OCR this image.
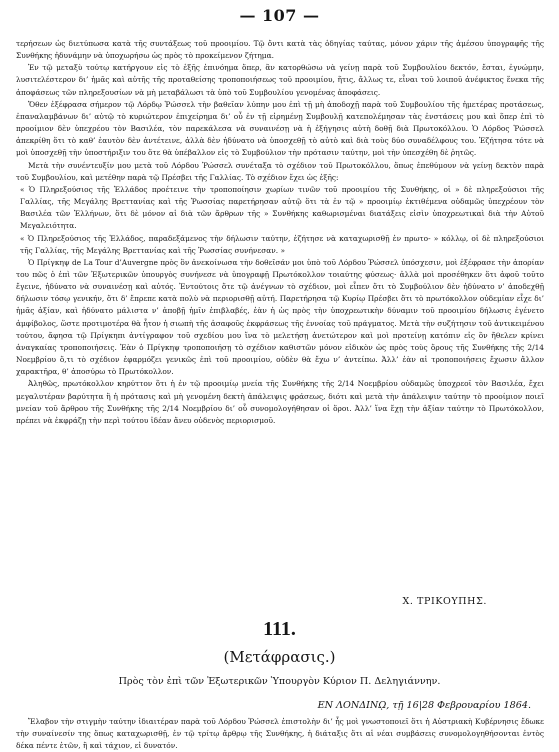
— 107 —

τερήσεων ὡς διετύπωσα κατὰ τῆς συντάξεως τοῦ προοιμίου. Τῷ ὄντι κατὰ τὰς ὁδηγίας ταύτας, μόνον χάριν τῆς ἀμέσου ὑπογραφῆς τῆς Συνθήκης ἠδυνάμην νὰ ὑποχωρήσω ὡς πρὸς τὸ προκείμενον ζήτημα.

Ἐν τῷ μεταξὺ τούτῳ κατήργουν εἰς τὸ ἑξῆς ἐπινόημα ὅπερ, ἂν κατορθώσω νὰ γείνῃ παρὰ τοῦ Συμβουλίου δεκτόν, ἔσται, ἐγνώμην, λυσιτελέστερον δι’ ἡμᾶς καὶ αὐτῆς τῆς προταθείσης τροποποιήσεως τοῦ προοιμίου, ἥτις, ἄλλως τε, εἶναι τοῦ λοιποῦ ἀνέφικτος ἕνεκα τῆς ἀποφάσεως τῶν πληρεξουσίων νὰ μὴ μεταβάλωσι τὰ ὑπὸ τοῦ Συμβουλίου γενομένας ἀποφάσεις.

Ὅθεν ἐξέφρασα σήμερον τῷ Λόρδῳ Ῥώσσελ τὴν βαθεῖαν λύπην μου ἐπὶ τῇ μὴ ἀποδοχῇ παρὰ τοῦ Συμβουλίου τῆς ἡμετέρας προτάσεως, ἐπαναλαμβάνων δι’ αὐτῷ τὸ κυριώτερον ἐπιχείρημα δι’ οὗ ἐν τῇ εἰρημένῃ Συμβουλῇ κατεπολέμησαν τὰς ἐνστάσεις μου καὶ ὅπερ ἐπὶ τὸ προοίμιον δὲν ὑπεχρέου τὸν Βασιλέα, τὸν παρεκάλεσα νὰ συναινέσῃ νὰ ἡ ἐξήγησις αὐτὴ δοθῇ διὰ Πρωτοκόλλου. Ὁ Λόρδος Ῥώσσελ ἀπεκρίθη ὅτι τὸ καθ’ ἑαυτὸν δὲν ἀντέτεινε, ἀλλὰ δὲν ἠδύνατο νὰ ὑποσχεθῇ τὸ αὐτὸ καὶ διὰ τοὺς δύο συναδέλφους του. Ἐζήτησα τότε νὰ μοὶ ὑποσχεθῇ τὴν ὑποστήριξιν του ὅτε θὰ ὑπέβαλλον εἰς τὸ Συμβούλιον τὴν πρότασιν ταύτην, μοὶ τὴν ὑπεσχέθη δὲ ῥητῶς.

Μετὰ τὴν συνέντευξίν μου μετὰ τοῦ Λόρδου Ῥώσσελ συνέταξα τὸ σχέδιον τοῦ Πρωτοκόλλου, ὅπως ἐπεθύμουν νὰ γείνῃ δεκτὸν παρὰ τοῦ Συμβουλίου, καὶ μετέθην παρὰ τῷ Πρέσβει τῆς Γαλλίας. Τὸ σχέδιον ἔχει ὡς ἑξῆς:

« Ὁ Πληρεξούσιος τῆς Ἑλλάδος προέτεινε τὴν τροποποίησιν χωρίων τινῶν τοῦ προοιμίου τῆς Συνθήκης, οἱ » δὲ πληρεξούσιοι τῆς Γαλλίας, τῆς Μεγάλης Βρεττανίας καὶ τῆς Ῥωσσίας παρετήρησαν αὐτῷ ὅτι τὰ ἐν τῷ » προοιμίῳ ἐκτιθέμενα οὐδαμῶς ὑπεχρέουν τὸν Βασιλέα τῶν Ἑλλήνων, ὅτι δὲ μόνον αἱ διὰ τῶν ἄρθρων τῆς » Συνθήκης καθωρισμέναι διατάξεις εἰσὶν ὑποχρεωτικαὶ διὰ τὴν Αὐτοῦ Μεγαλειότητα.

« Ὁ Πληρεξούσιος τῆς Ἑλλάδος, παραδεξάμενος τὴν δήλωσιν ταύτην, ἐζήτησε νὰ καταχωρισθῇ ἐν πρωτο- » κόλλῳ, οἱ δὲ πληρεξούσιοι τῆς Γαλλίας, τῆς Μεγάλης Βρεττανίας καὶ τῆς Ῥωσσίας συνήνεσαν. »

Ὁ Πρίγκηψ de La Tour d’Auvergne πρὸς ὃν ἀνεκοίνωσα τὴν δοθεῖσάν μοι ὑπὸ τοῦ Λόρδου Ῥώσσελ ὑπόσχεσιν, μοὶ ἐξέφρασε τὴν ἀπορίαν του πῶς ὁ ἐπὶ τῶν Ἐξωτερικῶν ὑπουργὸς συνήνεσε νὰ ὑπογραφῇ Πρωτόκολλον τοιαύτης φύσεως· ἀλλὰ μοὶ προσέθηκεν ὅτι ἀφοῦ τοῦτο ἔγεινε, ἠδύνατο νὰ συναινέσῃ καὶ αὐτός. Ἐντούτοις ὅτε τῷ ἀνέγνων τὸ σχέδιον, μοὶ εἶπεν ὅτι τὸ Συμβούλιον δὲν ἠδύνατο ν’ ἀποδεχθῇ δήλωσιν τόσῳ γενικήν, ὅτι δ’ ἔπρεπε κατὰ πολὺ νὰ περιορισθῇ αὐτή. Παρετήρησα τῷ Κυρίῳ Πρέσβει ὅτι τὸ πρωτόκολλον οὐδεμίαν εἶχε δι’ ἡμᾶς ἀξίαν, καὶ ἠδύνατο μάλιστα ν’ ἀποβῇ ἡμῖν ἐπιβλαβές, ἐὰν ἡ ὡς πρὸς τὴν ὑποχρεωτικὴν δύναμιν τοῦ προοιμίου δήλωσις ἐγένετο ἀμφίβολος, ὥστε προτιμοτέρα θὰ ἦτον ἡ σιωπὴ τῆς ἀσαφοῦς ἐκφράσεως τῆς ἐννοίας τοῦ πράγματος. Μετὰ τὴν συζήτησιν τοῦ ἀντικειμένου τούτου, ἄφησα τῷ Πρίγκηπι ἀντίγραφον τοῦ σχεδίου μου ἵνα τὸ μελετήσῃ ἀνετώτερον καὶ μοὶ προτείνῃ κατόπιν εἰς ὃν ἤθελεν κρίνει ἀναγκαίας τροποποιήσεις. Ἐὰν ὁ Πρίγκηψ τροποποιήσῃ τὸ σχέδιον καθιστῶν μόνον εἰδικὸν ὡς πρὸς τοὺς ὅρους τῆς Συνθήκης τῆς 2/14 Νοεμβρίου ὅ,τι τὸ σχέδιον ἐφαρμόζει γενικῶς ἐπὶ τοῦ προοιμίου, οὐδὲν θὰ ἔχω ν’ ἀντείπω. Ἀλλ’ ἐὰν αἱ τροποποιήσεις ἔχωσιν ἄλλον χαρακτῆρα, θ’ ἀποσύρω τὸ Πρωτόκολλον.

Ἀληθῶς, πρωτόκολλον κηρύττον ὅτι ἡ ἐν τῷ προοιμίῳ μνεία τῆς Συνθήκης τῆς 2/14 Νοεμβρίου οὐδαμῶς ὑποχρεοῖ τὸν Βασιλέα, ἔχει μεγαλυτέραν βαρύτητα ἢ ἡ πρότασις καὶ μὴ γενομένη δεκτὴ ἀπάλειψις φράσεως, διότι καὶ μετὰ τὴν ἀπάλειψιν ταύτην τὸ προοίμιον ποιεῖ μνείαν τοῦ ἄρθρου τῆς Συνθήκης τῆς 2/14 Νοεμβρίου δι’ οὗ συνομολογήθησαν οἱ ὅροι. Ἀλλ’ ἵνα ἔχῃ τὴν ἀξίαν ταύτην τὸ Πρωτόκολλον, πρέπει νὰ ἐκφράζῃ τὴν περὶ τούτου ἰδέαν ἄνευ οὐδενὸς περιορισμοῦ.

Χ. ΤΡΙΚΟΥΠΗΣ.
111.
(Μετάφρασις.)
Πρὸς τὸν ἐπὶ τῶν Ἐξωτερικῶν Ὑπουργὸν Κύριον Π. Δεληγιάννην.
ΕΝ ΛΟΝΔΙΝῼ, τῇ 16|28 Φεβρουαρίου 1864.

Ἔλαβον τὴν στιγμὴν ταύτην ἰδιαιτέραν παρὰ τοῦ Λόρδου Ῥώσσελ ἐπιστολὴν δι’ ἧς μοὶ γνωστοποιεῖ ὅτι ἡ Αὐστριακὴ Κυβέρνησις ἔδωκε τὴν συναίνεσίν της ὅπως καταχωρισθῇ, ἐν τῷ τρίτῳ ἄρθρῳ τῆς Συνθήκης, ἡ διάταξις ὅτι αἱ νέαι συμβάσεις συνομολογηθήσονται ἐντὸς δέκα πέντε ἐτῶν, ἢ καὶ τάχιον, εἰ δυνατόν.
